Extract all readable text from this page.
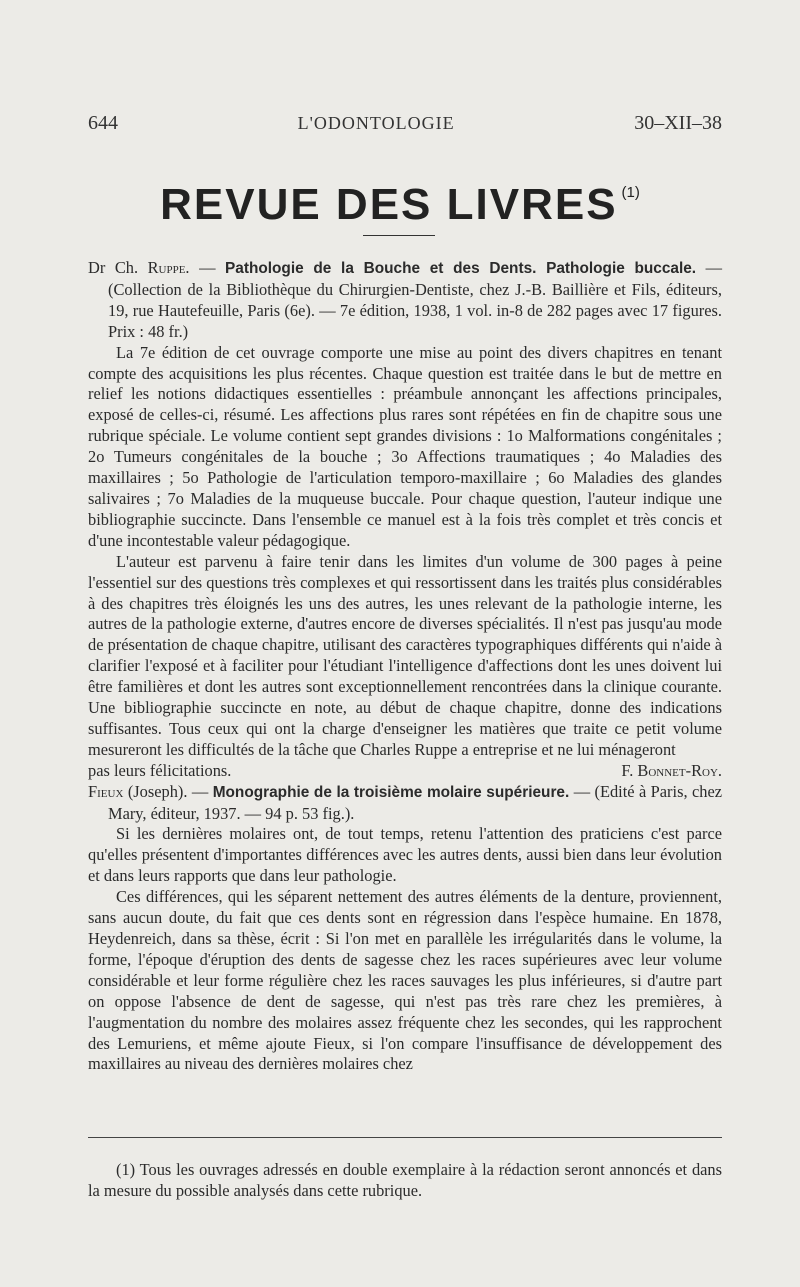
644	L'ODONTOLOGIE	30–XII–38
REVUE DES LIVRES $^{(1)}$

Dr Ch. Ruppe. — Pathologie de la Bouche et des Dents. Pathologie buccale. — (Collection de la Bibliothèque du Chirurgien-Dentiste, chez J.-B. Baillière et Fils, éditeurs, 19, rue Hautefeuille, Paris (6e). — 7e édition, 1938, 1 vol. in-8 de 282 pages avec 17 figures. Prix : 48 fr.)

La 7e édition de cet ouvrage comporte une mise au point des divers chapitres en tenant compte des acquisitions les plus récentes. Chaque question est traitée dans le but de mettre en relief les notions didactiques essentielles : préambule annonçant les affections principales, exposé de celles-ci, résumé. Les affections plus rares sont répétées en fin de chapitre sous une rubrique spéciale. Le volume contient sept grandes divisions : 1o Malformations congénitales ; 2o Tumeurs congénitales de la bouche ; 3o Affections traumatiques ; 4o Maladies des maxillaires ; 5o Pathologie de l'articulation temporo-maxillaire ; 6o Maladies des glandes salivaires ; 7o Maladies de la muqueuse buccale. Pour chaque question, l'auteur indique une bibliographie succincte. Dans l'ensemble ce manuel est à la fois très complet et très concis et d'une incontestable valeur pédagogique.

L'auteur est parvenu à faire tenir dans les limites d'un volume de 300 pages à peine l'essentiel sur des questions très complexes et qui ressortissent dans les traités plus considérables à des chapitres très éloignés les uns des autres, les unes relevant de la pathologie interne, les autres de la pathologie externe, d'autres encore de diverses spécialités. Il n'est pas jusqu'au mode de présentation de chaque chapitre, utilisant des caractères typographiques différents qui n'aide à clarifier l'exposé et à faciliter pour l'étudiant l'intelligence d'affections dont les unes doivent lui être familières et dont les autres sont exceptionnellement rencontrées dans la clinique courante. Une bibliographie succincte en note, au début de chaque chapitre, donne des indications suffisantes. Tous ceux qui ont la charge d'enseigner les matières que traite ce petit volume mesureront les difficultés de la tâche que Charles Ruppe a entreprise et ne lui ménageront

pas leurs félicitations.	F. Bonnet-Roy.

Fieux (Joseph). — Monographie de la troisième molaire supérieure. — (Edité à Paris, chez Mary, éditeur, 1937. — 94 p. 53 fig.).

Si les dernières molaires ont, de tout temps, retenu l'attention des praticiens c'est parce qu'elles présentent d'importantes différences avec les autres dents, aussi bien dans leur évolution et dans leurs rapports que dans leur pathologie.

Ces différences, qui les séparent nettement des autres éléments de la denture, proviennent, sans aucun doute, du fait que ces dents sont en régression dans l'espèce humaine. En 1878, Heydenreich, dans sa thèse, écrit : Si l'on met en parallèle les irrégularités dans le volume, la forme, l'époque d'éruption des dents de sagesse chez les races supérieures avec leur volume considérable et leur forme régulière chez les races sauvages les plus inférieures, si d'autre part on oppose l'absence de dent de sagesse, qui n'est pas très rare chez les premières, à l'augmentation du nombre des molaires assez fréquente chez les secondes, qui les rapprochent des Lemuriens, et même ajoute Fieux, si l'on compare l'insuffisance de développement des maxillaires au niveau des dernières molaires chez

(1) Tous les ouvrages adressés en double exemplaire à la rédaction seront annoncés et dans la mesure du possible analysés dans cette rubrique.
